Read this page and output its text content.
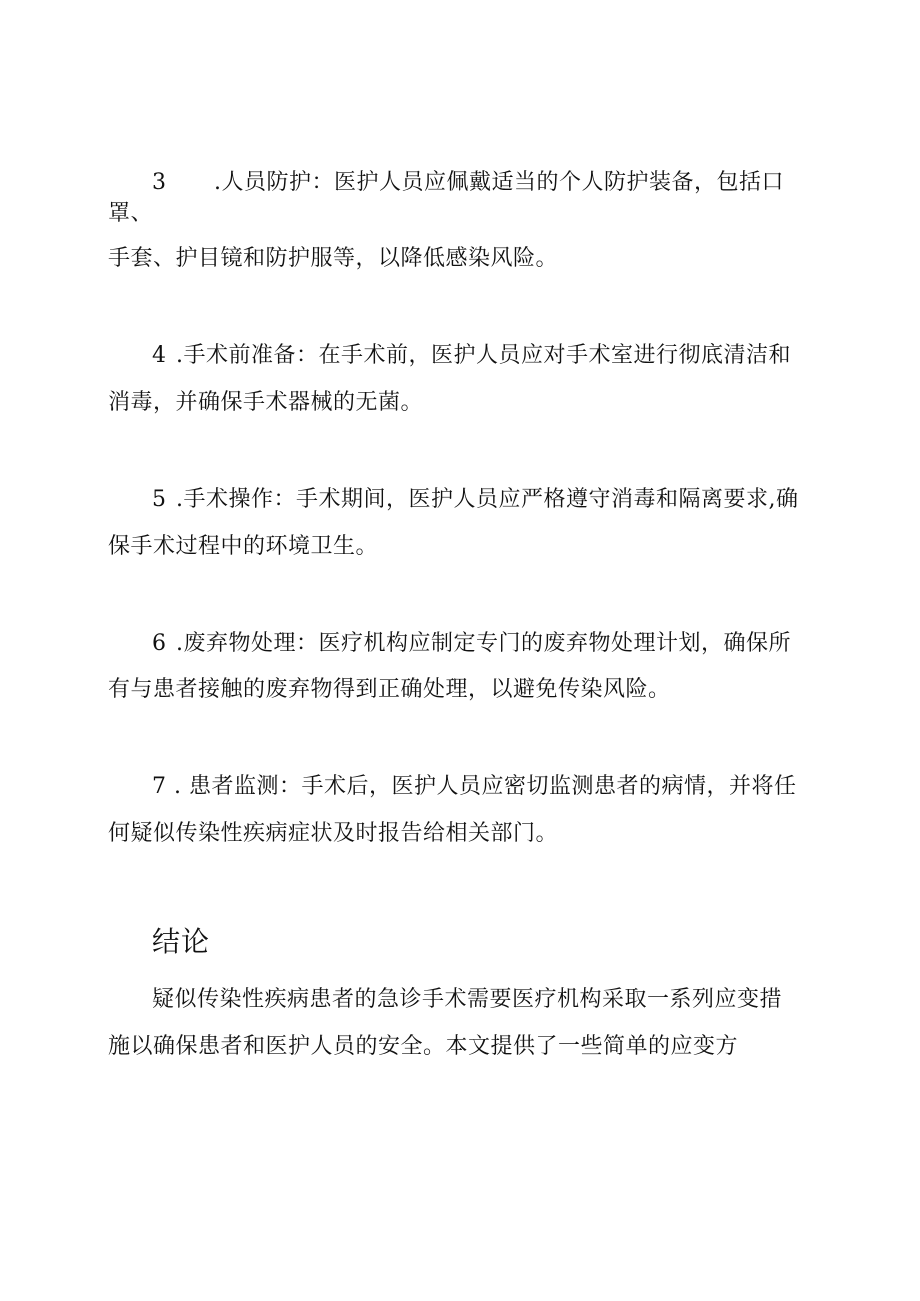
3 .人员防护：医护人员应佩戴适当的个人防护装备，包括口
罩、
手套、护目镜和防护服等，以降低感染风险。
4 .手术前准备：在手术前，医护人员应对手术室进行彻底清洁和
消毒，并确保手术器械的无菌。
5 .手术操作：手术期间，医护人员应严格遵守消毒和隔离要求,确
保手术过程中的环境卫生。
6 .废弃物处理：医疗机构应制定专门的废弃物处理计划，确保所
有与患者接触的废弃物得到正确处理，以避免传染风险。
7 . 患者监测：手术后，医护人员应密切监测患者的病情，并将任
何疑似传染性疾病症状及时报告给相关部门。
结论
疑似传染性疾病患者的急诊手术需要医疗机构采取一系列应变措
施以确保患者和医护人员的安全。本文提供了一些简单的应变方
